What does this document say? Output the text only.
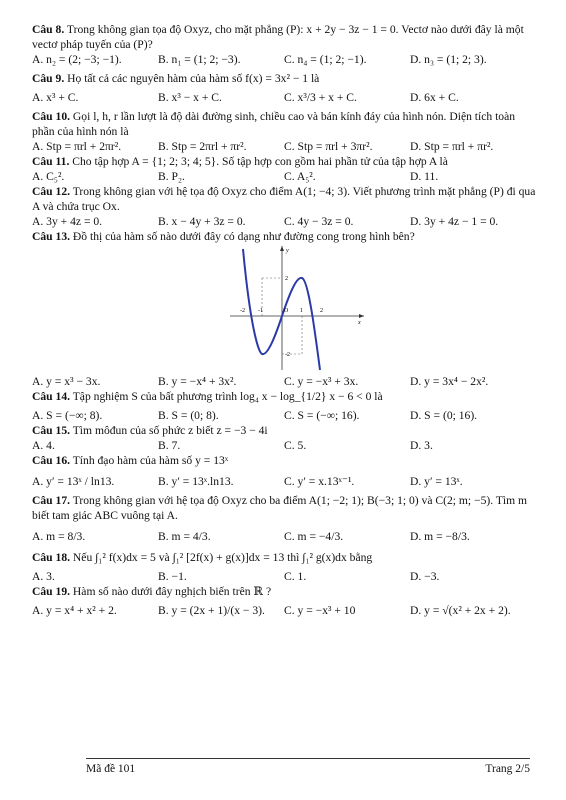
Câu 8. Trong không gian tọa độ Oxyz, cho mặt phẳng (P): x + 2y − 3z − 1 = 0. Vectơ nào dưới đây là một vectơ pháp tuyến của (P)?
A. n₂ = (2; −3; −1).	B. n₁ = (1; 2; −3).	C. n₄ = (1; 2; −1).	D. n₃ = (1; 2; 3).
Câu 9. Họ tất cả các nguyên hàm của hàm số f(x) = 3x² − 1 là
A. x³ + C.	B. x³ − x + C.	C. x³/3 + x + C.	D. 6x + C.
Câu 10. Gọi l, h, r lần lượt là độ dài đường sinh, chiều cao và bán kính đáy của hình nón. Diện tích toàn phần của hình nón là
A. Stp = πrl + 2πr².	B. Stp = 2πrl + πr².	C. Stp = πrl + 3πr².	D. Stp = πrl + πr².
Câu 11. Cho tập hợp A = {1; 2; 3; 4; 5}. Số tập hợp con gồm hai phần tử của tập hợp A là
A. C₅².	B. P₂.	C. A₅².	D. 11.
Câu 12. Trong không gian với hệ tọa độ Oxyz cho điểm A(1; −4; 3). Viết phương trình mặt phẳng (P) đi qua A và chứa trục Ox.
A. 3y + 4z = 0.	B. x − 4y + 3z = 0.	C. 4y − 3z = 0.	D. 3y + 4z − 1 = 0.
Câu 13. Đồ thị của hàm số nào dưới đây có dạng như đường cong trong hình bên?
-2 -1	1	2
2
-2
O
x
y
A. y = x³ − 3x.	B. y = −x⁴ + 3x².	C. y = −x³ + 3x.	D. y = 3x⁴ − 2x².
Câu 14. Tập nghiệm S của bất phương trình log₄ x − log_{1/2} x − 6 < 0 là
A. S = (−∞; 8).	B. S = (0; 8).	C. S = (−∞; 16).	D. S = (0; 16).
Câu 15. Tìm môđun của số phức z biết z = −3 − 4i
A. 4.	B. 7.	C. 5.	D. 3.
Câu 16. Tính đạo hàm của hàm số y = 13ˣ
A. y′ = 13ˣ / ln13.	B. y′ = 13ˣ.ln13.	C. y′ = x.13ˣ⁻¹.	D. y′ = 13ˣ.
Câu 17. Trong không gian với hệ tọa độ Oxyz cho ba điểm A(1; −2; 1); B(−3; 1; 0) và C(2; m; −5). Tìm m biết tam giác ABC vuông tại A.
A. m = 8/3.	B. m = 4/3.	C. m = −4/3.	D. m = −8/3.
Câu 18. Nếu ∫₁² f(x)dx = 5 và ∫₁² [2f(x) + g(x)]dx = 13 thì ∫₁² g(x)dx bằng
A. 3.	B. −1.	C. 1.	D. −3.
Câu 19. Hàm số nào dưới đây nghịch biến trên ℝ ?
A. y = x⁴ + x² + 2.	B. y = (2x + 1)/(x − 3).	C. y = −x³ + 10	D. y = √(x² + 2x + 2).
Mã đề 101	Trang 2/5
